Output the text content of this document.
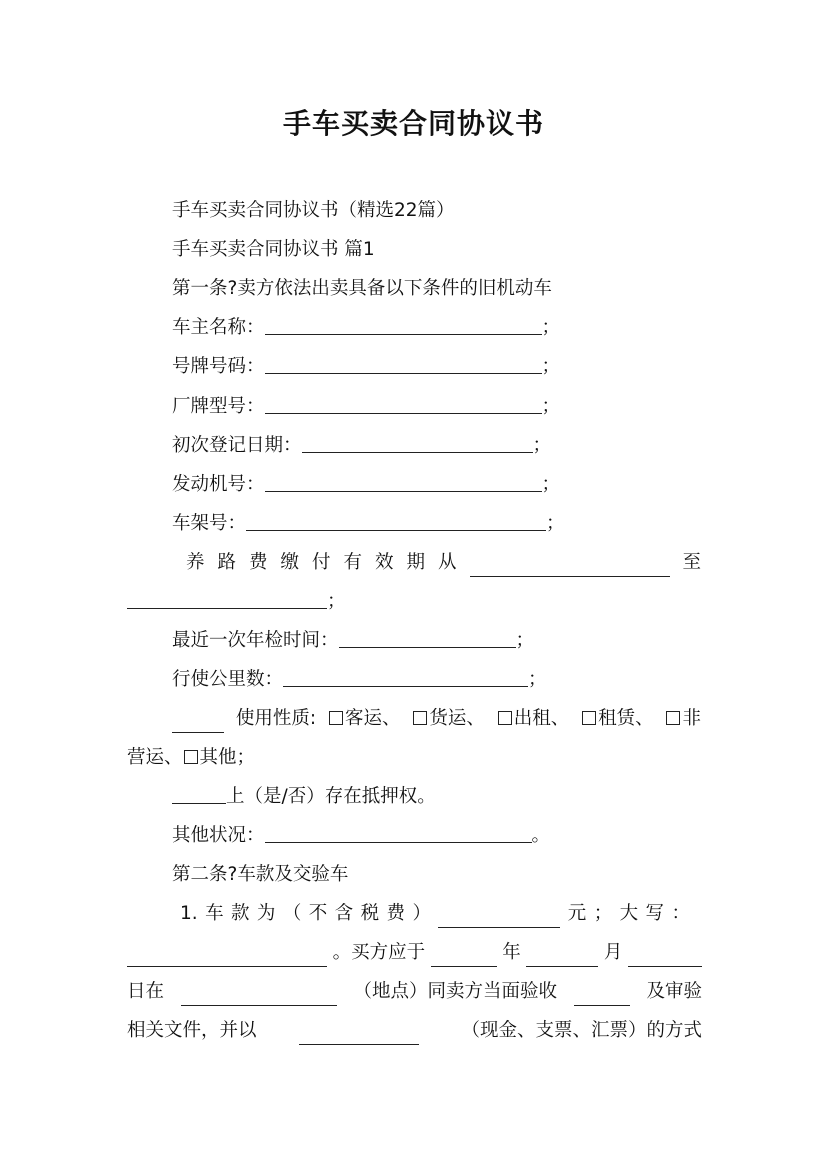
手车买卖合同协议书
手车买卖合同协议书（精选22篇）
手车买卖合同协议书 篇1
第一条?卖方依法出卖具备以下条件的旧机动车
车主名称：	；
号牌号码：	；
厂牌型号：	；
初次登记日期：	；
发动机号：	；
车架号：	；
养 路 费 缴 付 有 效 期 从	至
；
最近一次年检时间：	；
行使公里数：	；
使用性质:	客运、	货运、	出租、	租赁、	非
营运、 其他；
上（是/否）存在抵押权。
其他状况：	。
第二条?车款及交验车
1. 车 款 为 （ 不 含 税 费 ）	元 ； 大 写 ：
。买方应于	年	月
日在	（地点）同卖方当面验收	及审验
相关文件，并以	（现金、支票、汇票）的方式
